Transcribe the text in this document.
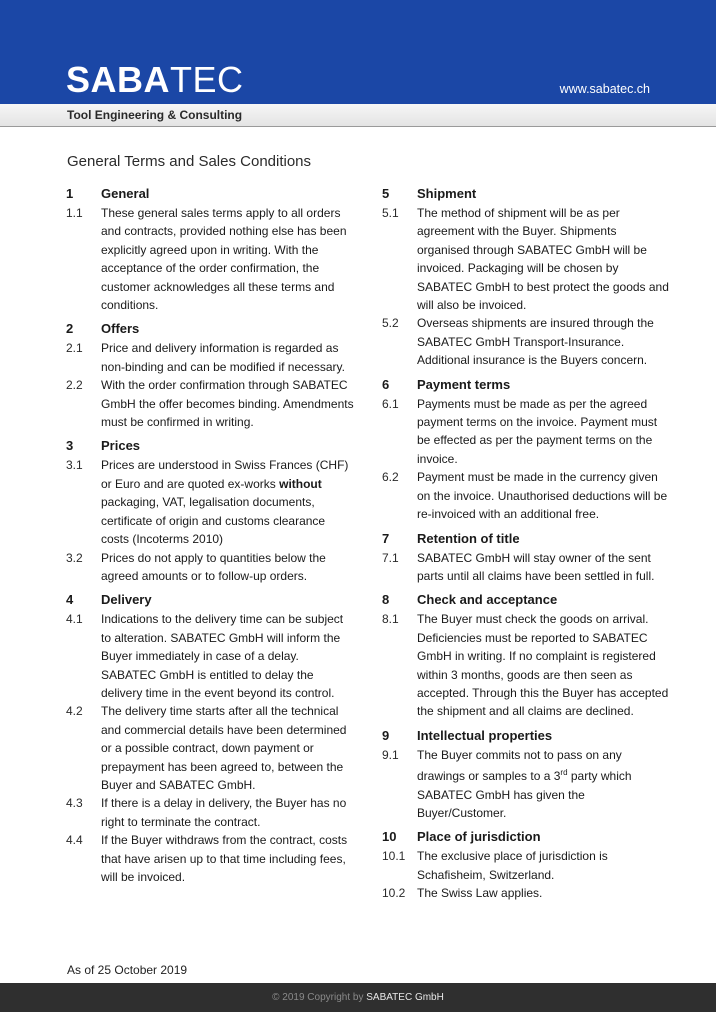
SABATEC	www.sabatec.ch
Tool Engineering & Consulting
General Terms and Sales Conditions
1	General
1.1	These general sales terms apply to all orders and contracts, provided nothing else has been explicitly agreed upon in writing. With the acceptance of the order confirmation, the customer acknowledges all these terms and conditions.
2	Offers
2.1	Price and delivery information is regarded as non-binding and can be modified if necessary.
2.2	With the order confirmation through SABATEC GmbH the offer becomes binding. Amendments must be confirmed in writing.
3	Prices
3.1	Prices are understood in Swiss Frances (CHF) or Euro and are quoted ex-works without packaging, VAT, legalisation documents, certificate of origin and customs clearance costs (Incoterms 2010)
3.2	Prices do not apply to quantities below the agreed amounts or to follow-up orders.
4	Delivery
4.1	Indications to the delivery time can be subject to alteration. SABATEC GmbH will inform the Buyer immediately in case of a delay. SABATEC GmbH is entitled to delay the delivery time in the event beyond its control.
4.2	The delivery time starts after all the technical and commercial details have been determined or a possible contract, down payment or prepayment has been agreed to, between the Buyer and SABATEC GmbH.
4.3	If there is a delay in delivery, the Buyer has no right to terminate the contract.
4.4	If the Buyer withdraws from the contract, costs that have arisen up to that time including fees, will be invoiced.
5	Shipment
5.1	The method of shipment will be as per agreement with the Buyer. Shipments organised through SABATEC GmbH will be invoiced. Packaging will be chosen by SABATEC GmbH to best protect the goods and will also be invoiced.
5.2	Overseas shipments are insured through the SABATEC GmbH Transport-Insurance. Additional insurance is the Buyers concern.
6	Payment terms
6.1	Payments must be made as per the agreed payment terms on the invoice. Payment must be effected as per the payment terms on the invoice.
6.2	Payment must be made in the currency given on the invoice. Unauthorised deductions will be re-invoiced with an additional free.
7	Retention of title
7.1	SABATEC GmbH will stay owner of the sent parts until all claims have been settled in full.
8	Check and acceptance
8.1	The Buyer must check the goods on arrival. Deficiencies must be reported to SABATEC GmbH in writing. If no complaint is registered within 3 months, goods are then seen as accepted. Through this the Buyer has accepted the shipment and all claims are declined.
9	Intellectual properties
9.1	The Buyer commits not to pass on any drawings or samples to a 3rd party which SABATEC GmbH has given the Buyer/Customer.
10	Place of jurisdiction
10.1 The exclusive place of jurisdiction is Schafisheim, Switzerland.
10.2 The Swiss Law applies.
As of 25 October 2019
© 2019 Copyright by SABATEC GmbH
